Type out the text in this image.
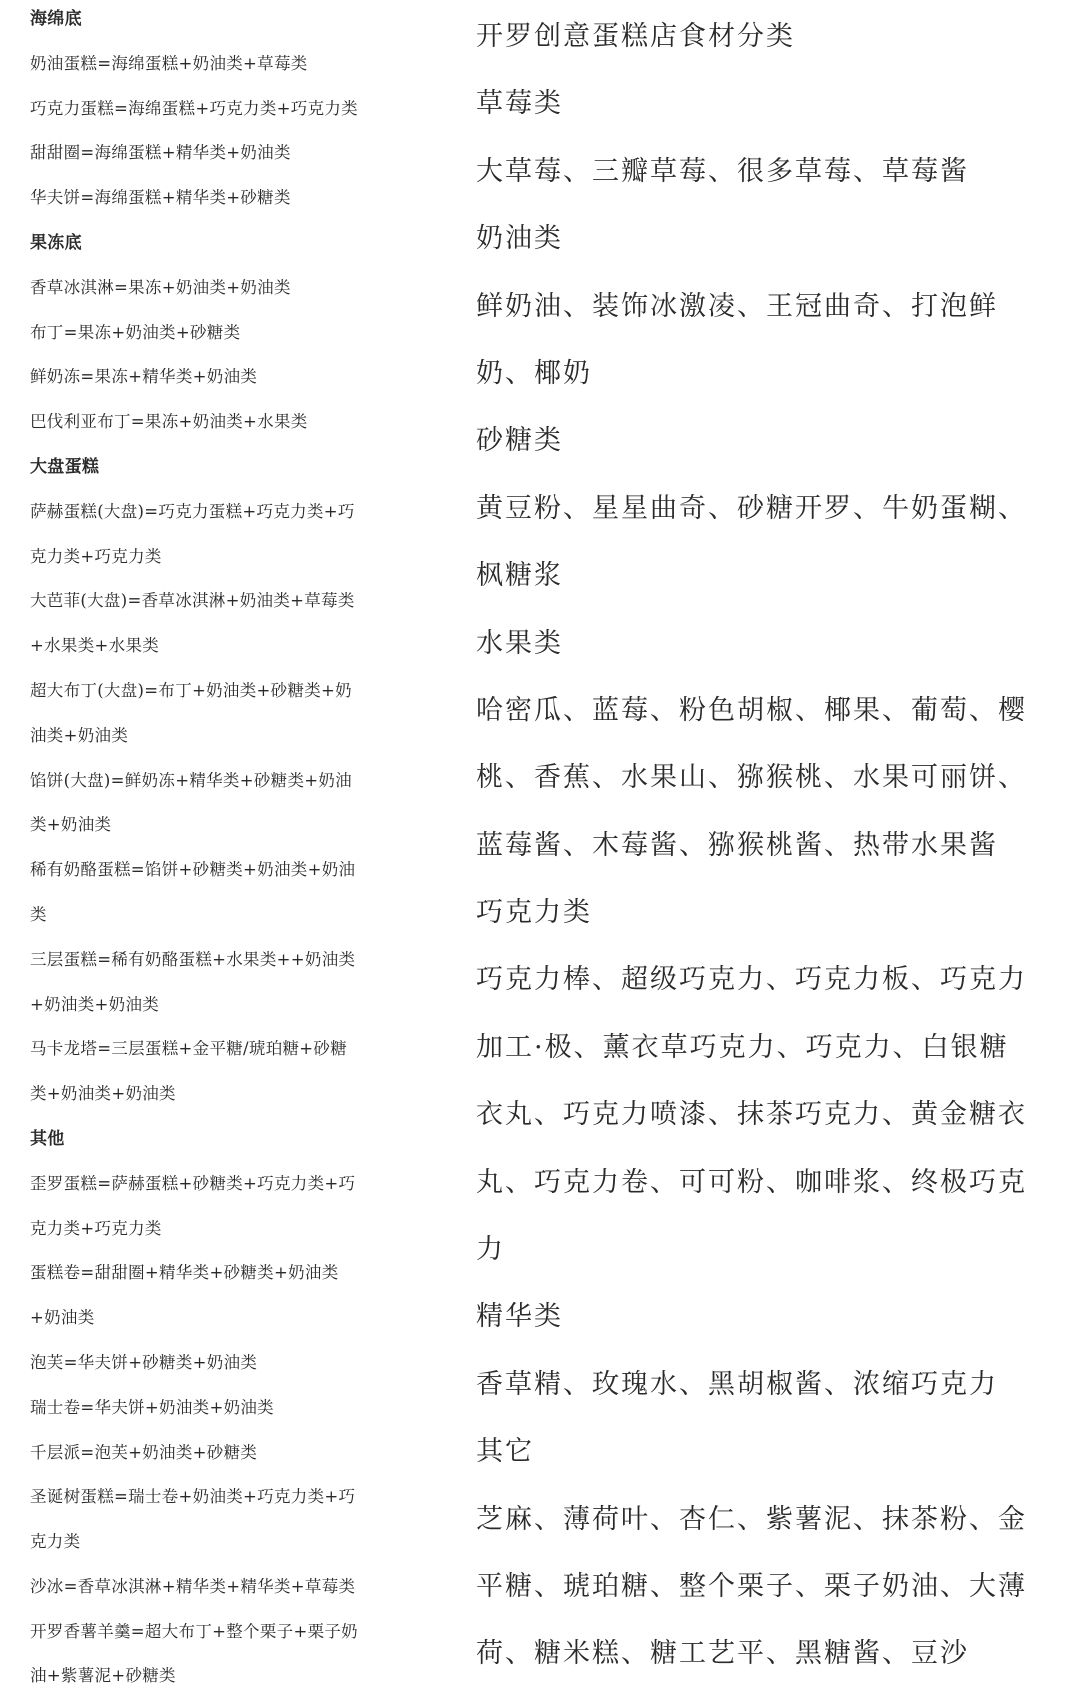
海绵底
奶油蛋糕=海绵蛋糕+奶油类+草莓类
巧克力蛋糕=海绵蛋糕+巧克力类+巧克力类
甜甜圈=海绵蛋糕+精华类+奶油类
华夫饼=海绵蛋糕+精华类+砂糖类
果冻底
香草冰淇淋=果冻+奶油类+奶油类
布丁=果冻+奶油类+砂糖类
鲜奶冻=果冻+精华类+奶油类
巴伐利亚布丁=果冻+奶油类+水果类
大盘蛋糕
萨赫蛋糕(大盘)=巧克力蛋糕+巧克力类+巧
克力类+巧克力类
大芭菲(大盘)=香草冰淇淋+奶油类+草莓类
+水果类+水果类
超大布丁(大盘)=布丁+奶油类+砂糖类+奶
油类+奶油类
馅饼(大盘)=鲜奶冻+精华类+砂糖类+奶油
类+奶油类
稀有奶酪蛋糕=馅饼+砂糖类+奶油类+奶油
类
三层蛋糕=稀有奶酪蛋糕+水果类++奶油类
+奶油类+奶油类
马卡龙塔=三层蛋糕+金平糖/琥珀糖+砂糖
类+奶油类+奶油类
其他
歪罗蛋糕=萨赫蛋糕+砂糖类+巧克力类+巧
克力类+巧克力类
蛋糕卷=甜甜圈+精华类+砂糖类+奶油类
+奶油类
泡芙=华夫饼+砂糖类+奶油类
瑞士卷=华夫饼+奶油类+奶油类
千层派=泡芙+奶油类+砂糖类
圣诞树蛋糕=瑞士卷+奶油类+巧克力类+巧
克力类
沙冰=香草冰淇淋+精华类+精华类+草莓类
开罗香薯羊羹=超大布丁+整个栗子+栗子奶
油+紫薯泥+砂糖类
开罗创意蛋糕店食材分类
草莓类
大草莓、三瓣草莓、很多草莓、草莓酱
奶油类
鲜奶油、装饰冰激凌、王冠曲奇、打泡鲜
奶、椰奶
砂糖类
黄豆粉、星星曲奇、砂糖开罗、牛奶蛋糊、
枫糖浆
水果类
哈密瓜、蓝莓、粉色胡椒、椰果、葡萄、樱
桃、香蕉、水果山、猕猴桃、水果可丽饼、
蓝莓酱、木莓酱、猕猴桃酱、热带水果酱
巧克力类
巧克力棒、超级巧克力、巧克力板、巧克力
加工·极、薰衣草巧克力、巧克力、白银糖
衣丸、巧克力喷漆、抹茶巧克力、黄金糖衣
丸、巧克力卷、可可粉、咖啡浆、终极巧克
力
精华类
香草精、玫瑰水、黑胡椒酱、浓缩巧克力
其它
芝麻、薄荷叶、杏仁、紫薯泥、抹茶粉、金
平糖、琥珀糖、整个栗子、栗子奶油、大薄
荷、糖米糕、糖工艺平、黑糖酱、豆沙
